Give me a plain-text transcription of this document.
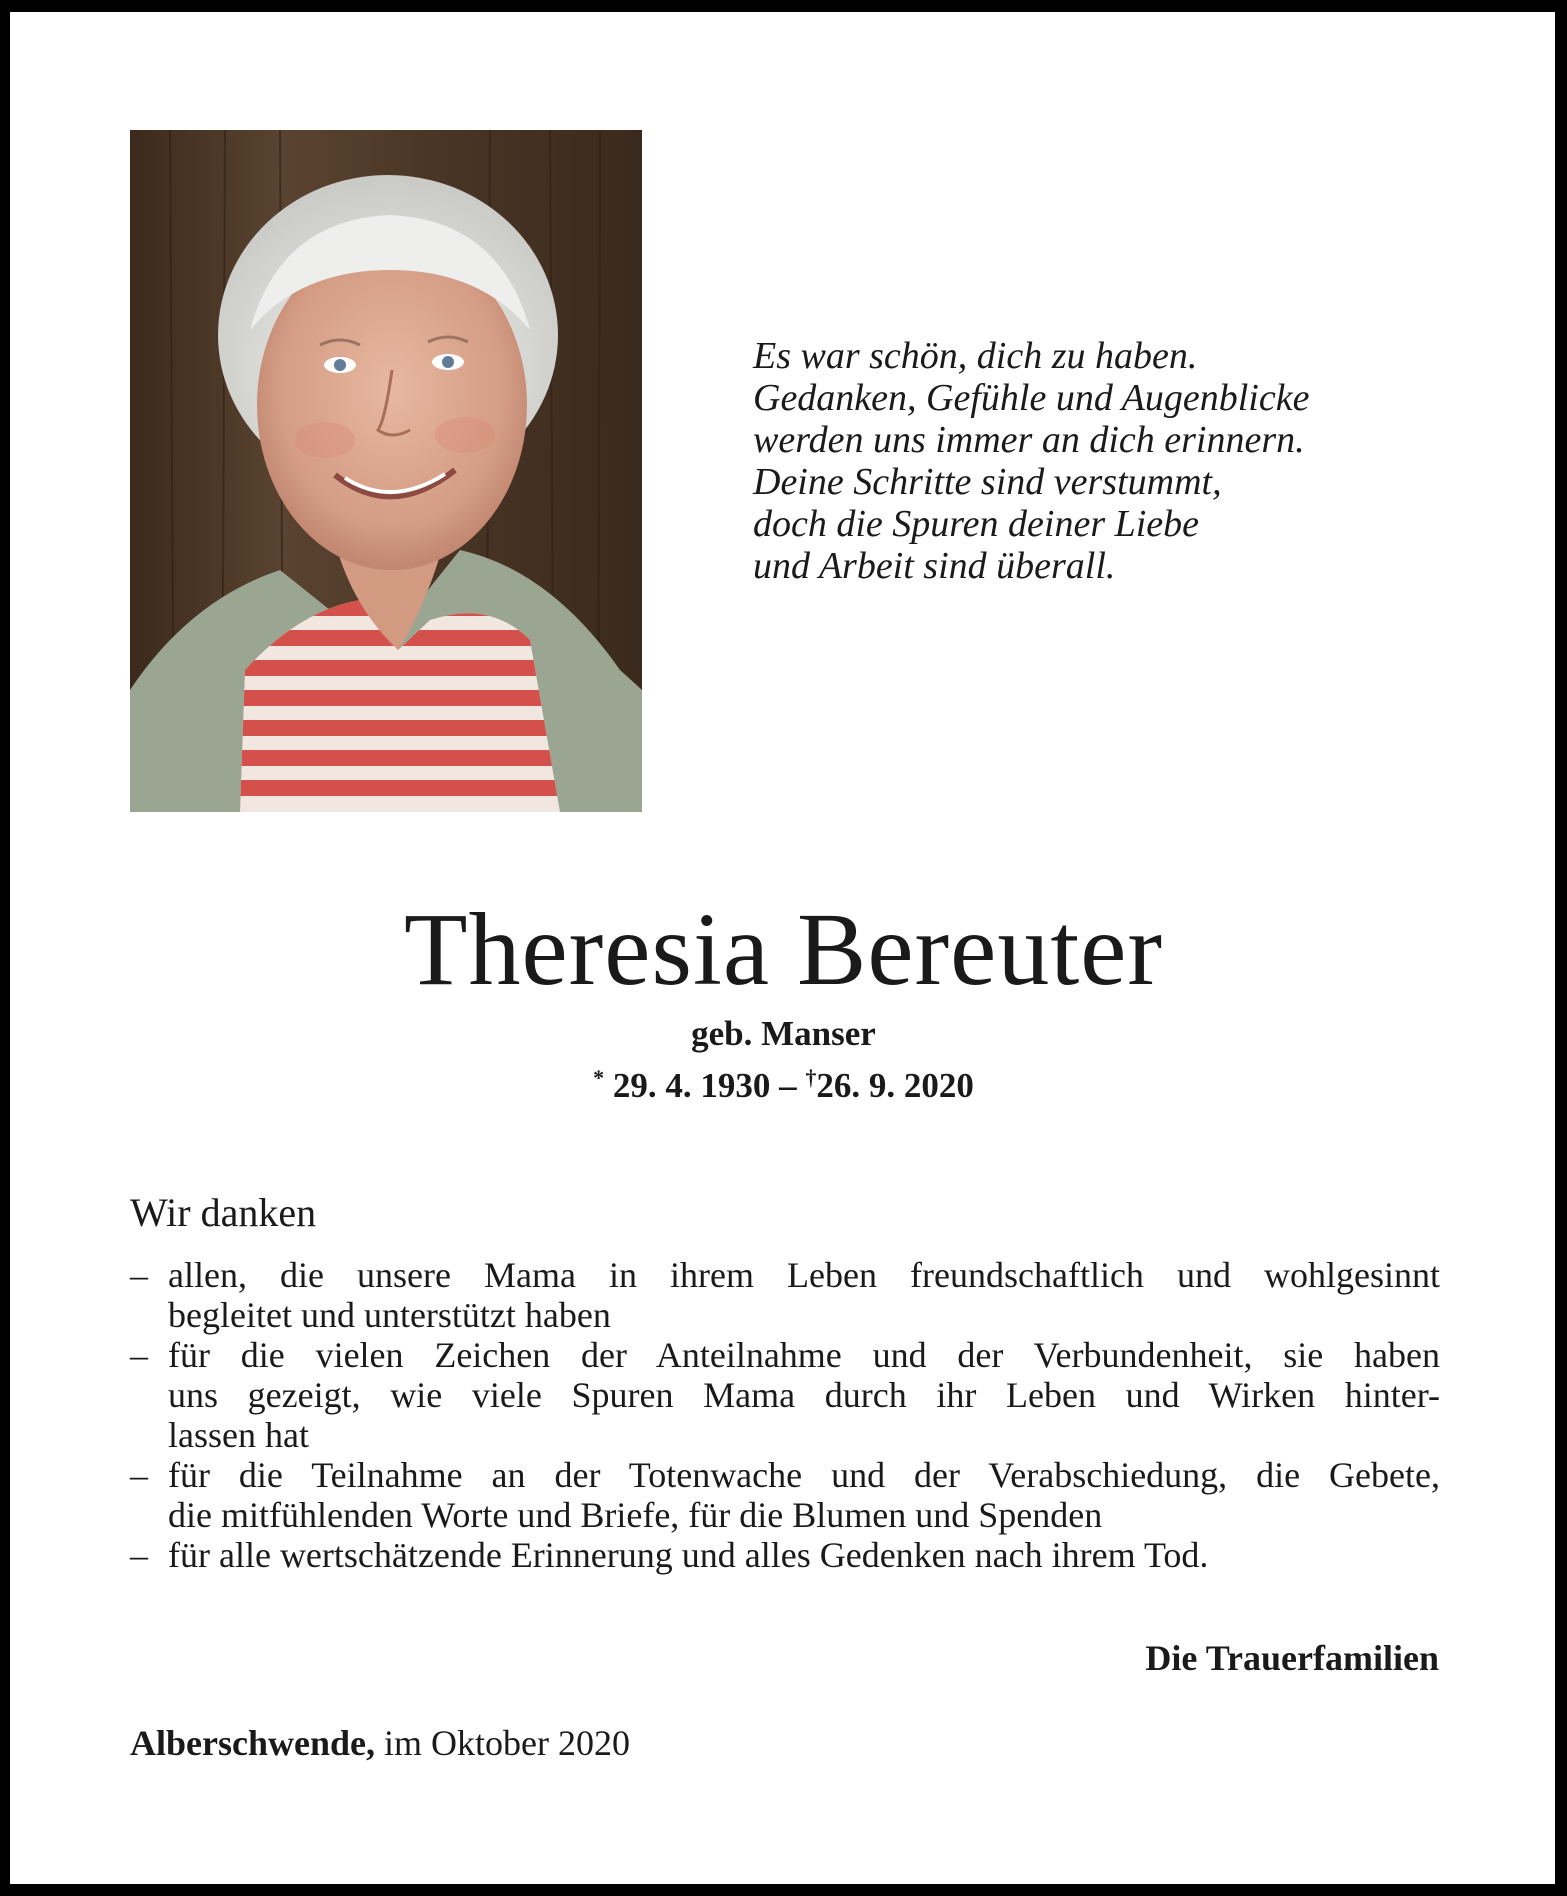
Es war schön, dich zu haben.
Gedanken, Gefühle und Augenblicke
werden uns immer an dich erinnern.
Deine Schritte sind verstummt,
doch die Spuren deiner Liebe
und Arbeit sind überall.
Theresia Bereuter
geb. Manser
* 29. 4. 1930 – †26. 9. 2020
Wir danken
– allen, die unsere Mama in ihrem Leben freundschaftlich und wohlgesinnt
begleitet und unterstützt haben
– für die vielen Zeichen der Anteilnahme und der Verbundenheit, sie haben
uns gezeigt, wie viele Spuren Mama durch ihr Leben und Wirken hinter-
lassen hat
– für die Teilnahme an der Totenwache und der Verabschiedung, die Gebete,
die mitfühlenden Worte und Briefe, für die Blumen und Spenden
– für alle wertschätzende Erinnerung und alles Gedenken nach ihrem Tod.
Die Trauerfamilien
Alberschwende, im Oktober 2020
